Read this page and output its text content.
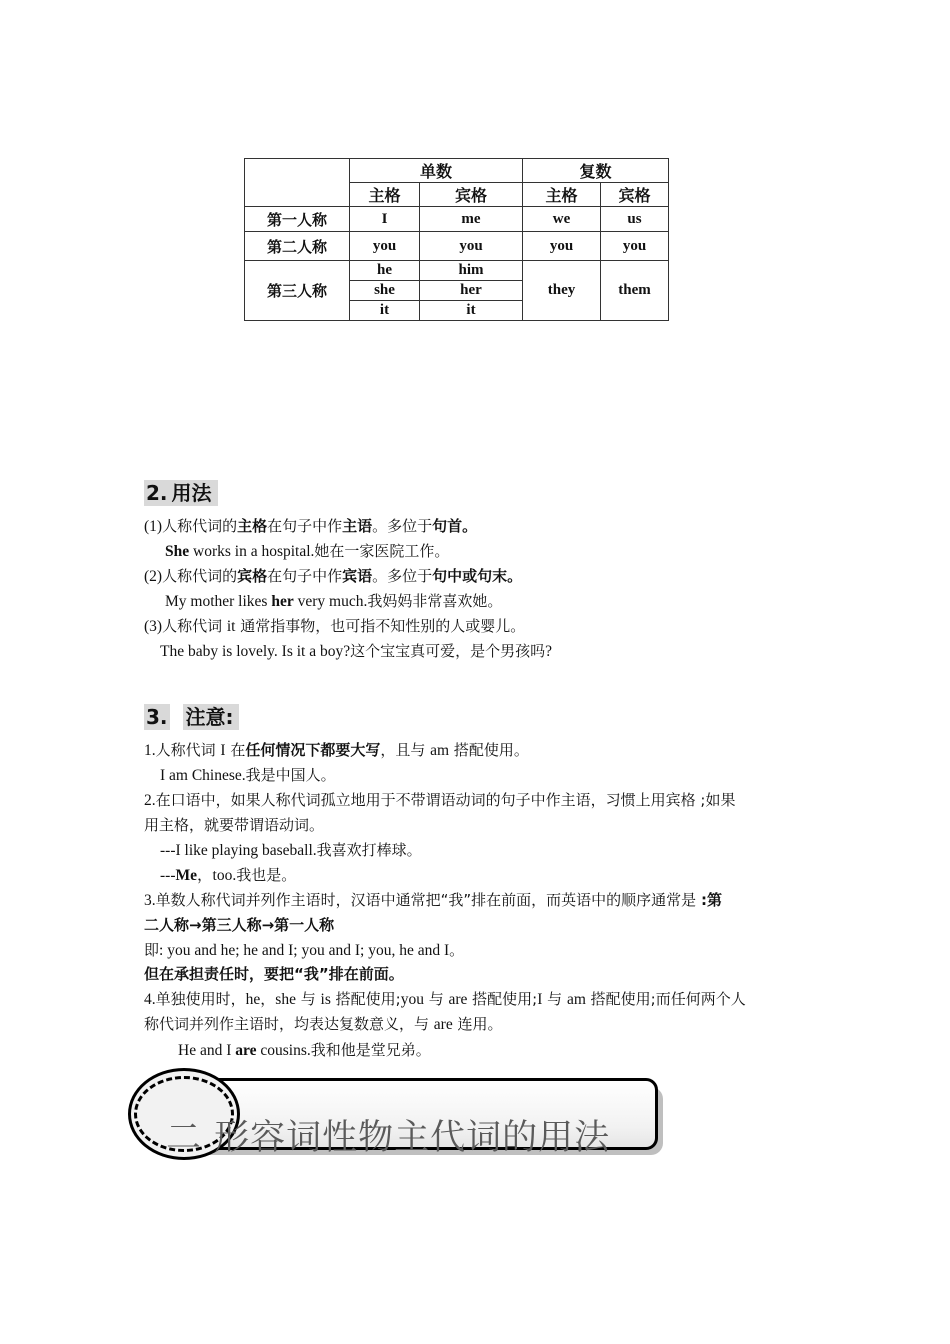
	单数		复数	
	主格	宾格	主格	宾格
第一人称	I	me	we	us
第二人称	you	you	you	you
第三人称	he	him	they	them
	she	her		
	it	it		
2. 用法
(1)人称代词的主格在句子中作主语。多位于句首。
She works in a hospital.她在一家医院工作。
(2)人称代词的宾格在句子中作宾语。多位于句中或句末。
My mother likes her very much.我妈妈非常喜欢她。
(3)人称代词 it 通常指事物，也可指不知性别的人或婴儿。
The baby is lovely. Is it a boy?这个宝宝真可爱，是个男孩吗?
3. 注意:
1.人称代词 I 在任何情况下都要大写，且与 am 搭配使用。
I am Chinese.我是中国人。
2.在口语中，如果人称代词孤立地用于不带谓语动词的句子中作主语，习惯上用宾格 ;如果
用主格，就要带谓语动词。
---I like playing baseball.我喜欢打棒球。
---Me，too.我也是。
3.单数人称代词并列作主语时，汉语中通常把“我”排在前面，而英语中的顺序通常是 :第
二人称→第三人称→第一人称
即: you and he; he and I; you and I; you, he and I。
但在承担责任时，要把“我”排在前面。
4.单独使用时，he，she 与 is 搭配使用;you 与 are 搭配使用;I 与 am 搭配使用;而任何两个人
称代词并列作主语时，均表达复数意义，与 are 连用。
He and I are cousins.我和他是堂兄弟。
二 形容词性物主代词的用法
